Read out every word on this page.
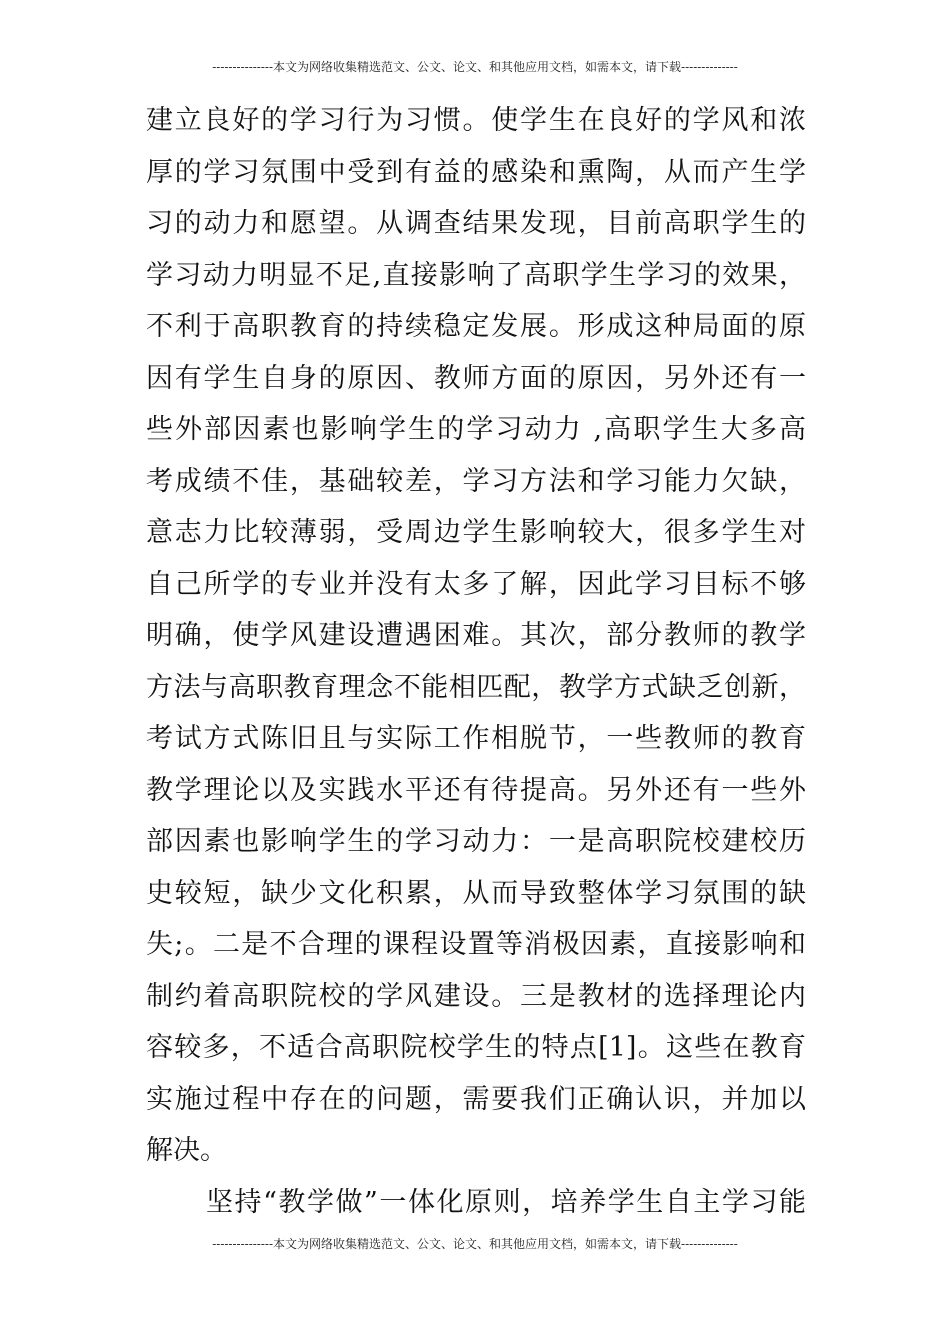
---------------本文为网络收集精选范文、公文、论文、和其他应用文档，如需本文，请下载--------------
建立良好的学习行为习惯。使学生在良好的学风和浓
厚的学习氛围中受到有益的感染和熏陶，从而产生学
习的动力和愿望。从调查结果发现，目前高职学生的
学习动力明显不足,直接影响了高职学生学习的效果，
不利于高职教育的持续稳定发展。形成这种局面的原
因有学生自身的原因、教师方面的原因，另外还有一
些外部因素也影响学生的学习动力 ,高职学生大多高
考成绩不佳，基础较差，学习方法和学习能力欠缺，
意志力比较薄弱，受周边学生影响较大，很多学生对
自己所学的专业并没有太多了解，因此学习目标不够
明确，使学风建设遭遇困难。其次，部分教师的教学
方法与高职教育理念不能相匹配，教学方式缺乏创新，
考试方式陈旧且与实际工作相脱节，一些教师的教育
教学理论以及实践水平还有待提高。另外还有一些外
部因素也影响学生的学习动力：一是高职院校建校历
史较短，缺少文化积累，从而导致整体学习氛围的缺
失;。二是不合理的课程设置等消极因素，直接影响和
制约着高职院校的学风建设。三是教材的选择理论内
容较多，不适合高职院校学生的特点[1]。这些在教育
实施过程中存在的问题，需要我们正确认识，并加以
解决。
坚持“教学做”一体化原则，培养学生自主学习能
---------------本文为网络收集精选范文、公文、论文、和其他应用文档，如需本文，请下载--------------
